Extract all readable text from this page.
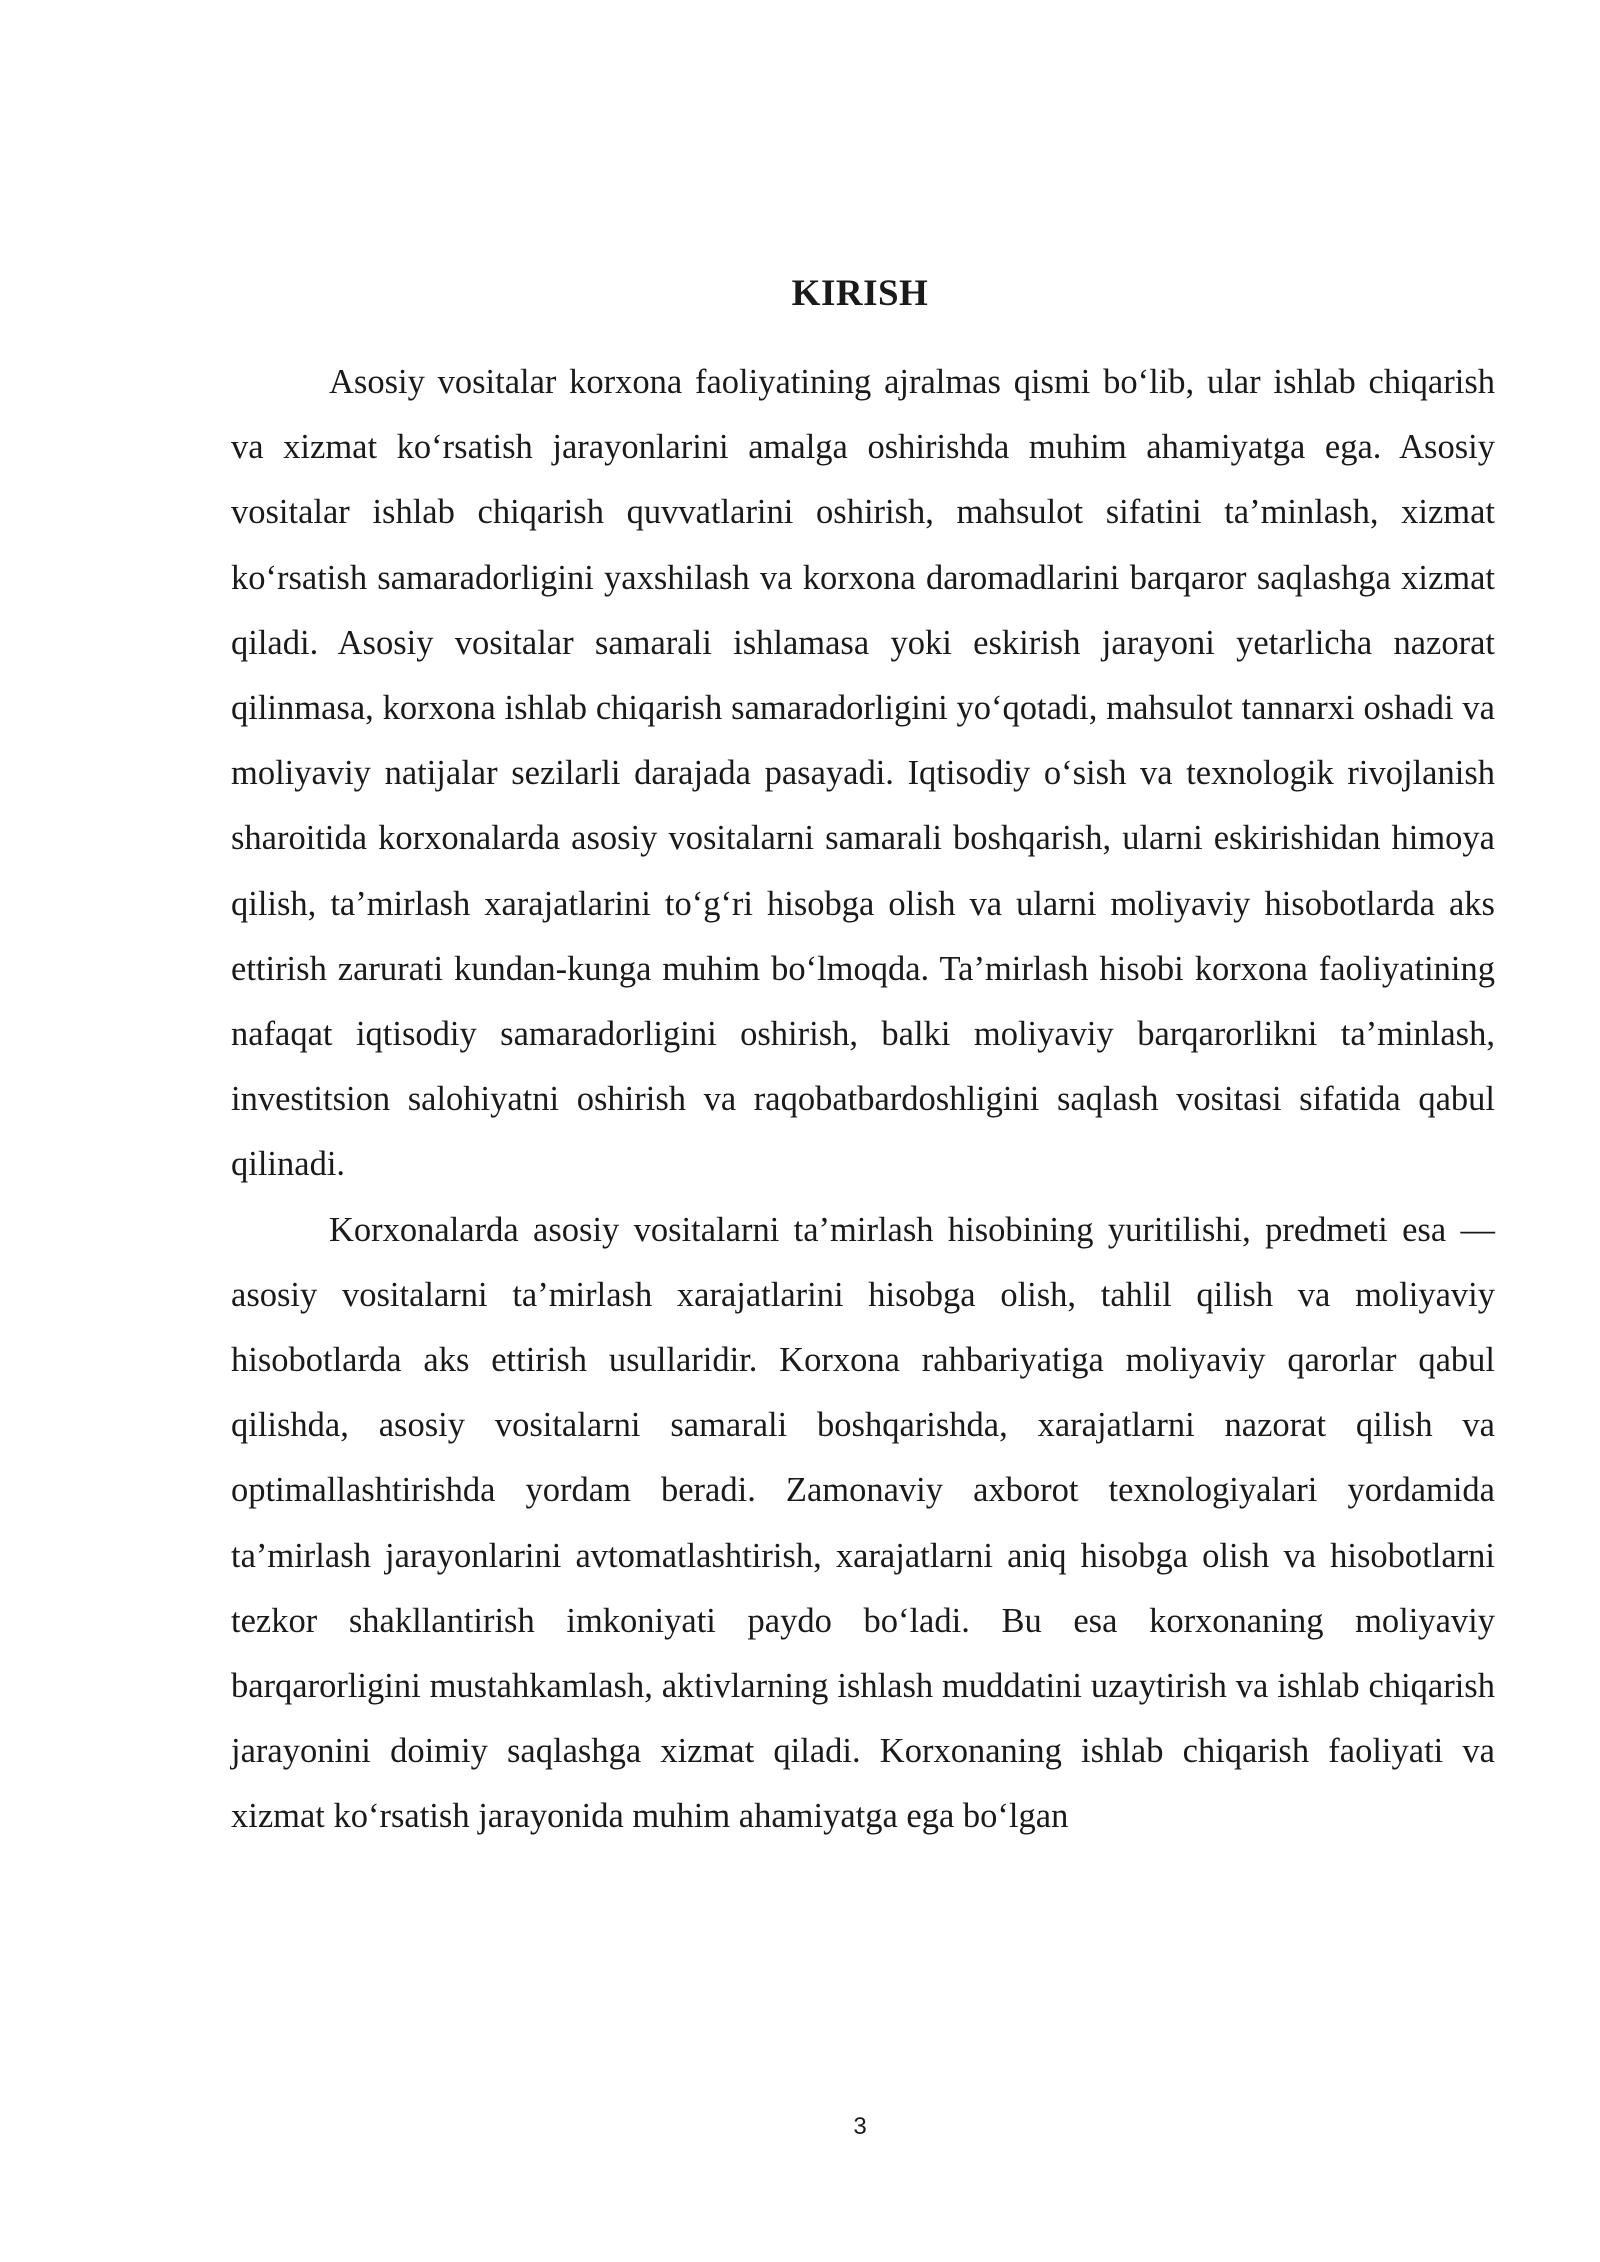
KIRISH

Asosiy vositalar korxona faoliyatining ajralmas qismi bo‘lib, ular ishlab chiqarish va xizmat ko‘rsatish jarayonlarini amalga oshirishda muhim ahamiyatga ega. Asosiy vositalar ishlab chiqarish quvvatlarini oshirish, mahsulot sifatini ta’minlash, xizmat ko‘rsatish samaradorligini yaxshilash va korxona daromadlarini barqaror saqlashga xizmat qiladi. Asosiy vositalar samarali ishlamasa yoki eskirish jarayoni yetarlicha nazorat qilinmasa, korxona ishlab chiqarish samaradorligini yo‘qotadi, mahsulot tannarxi oshadi va moliyaviy natijalar sezilarli darajada pasayadi. Iqtisodiy o‘sish va texnologik rivojlanish sharoitida korxonalarda asosiy vositalarni samarali boshqarish, ularni eskirishidan himoya qilish, ta’mirlash xarajatlarini to‘g‘ri hisobga olish va ularni moliyaviy hisobotlarda aks ettirish zarurati kundan-kunga muhim bo‘lmoqda. Ta’mirlash hisobi korxona faoliyatining nafaqat iqtisodiy samaradorligini oshirish, balki moliyaviy barqarorlikni ta’minlash, investitsion salohiyatni oshirish va raqobatbardoshligini saqlash vositasi sifatida qabul qilinadi.

Korxonalarda asosiy vositalarni ta’mirlash hisobining yuritilishi, predmeti esa — asosiy vositalarni ta’mirlash xarajatlarini hisobga olish, tahlil qilish va moliyaviy hisobotlarda aks ettirish usullaridir. Korxona rahbariyatiga moliyaviy qarorlar qabul qilishda, asosiy vositalarni samarali boshqarishda, xarajatlarni nazorat qilish va optimallashtirishda yordam beradi. Zamonaviy axborot texnologiyalari yordamida ta’mirlash jarayonlarini avtomatlashtirish, xarajatlarni aniq hisobga olish va hisobotlarni tezkor shakllantirish imkoniyati paydo bo‘ladi. Bu esa korxonaning moliyaviy barqarorligini mustahkamlash, aktivlarning ishlash muddatini uzaytirish va ishlab chiqarish jarayonini doimiy saqlashga xizmat qiladi. Korxonaning ishlab chiqarish faoliyati va xizmat ko‘rsatish jarayonida muhim ahamiyatga ega bo‘lgan

3
